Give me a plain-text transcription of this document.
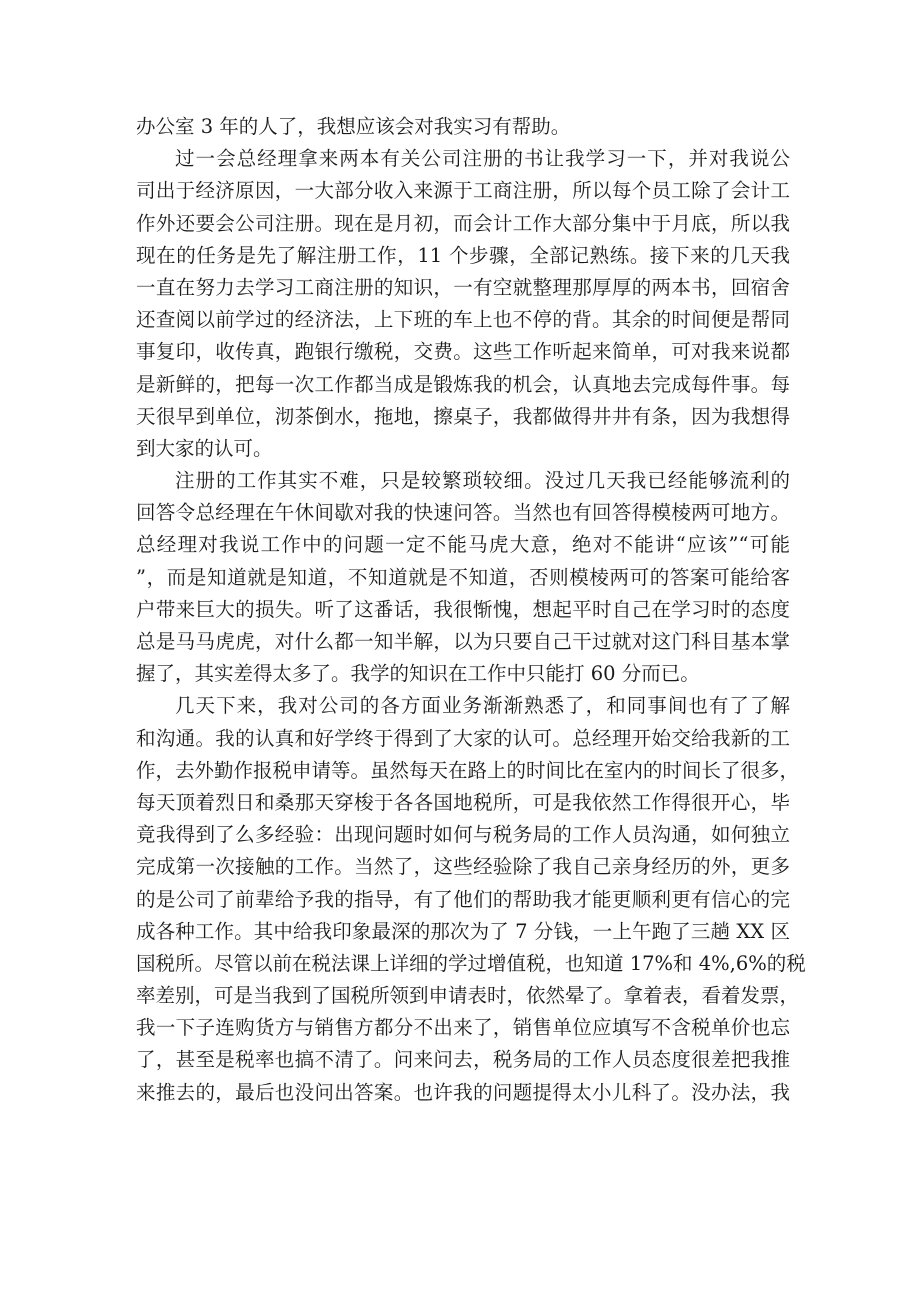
办公室 3 年的人了，我想应该会对我实习有帮助。
过一会总经理拿来两本有关公司注册的书让我学习一下，并对我说公
司出于经济原因，一大部分收入来源于工商注册，所以每个员工除了会计工
作外还要会公司注册。现在是月初，而会计工作大部分集中于月底，所以我
现在的任务是先了解注册工作，11 个步骤，全部记熟练。接下来的几天我
一直在努力去学习工商注册的知识，一有空就整理那厚厚的两本书，回宿舍
还查阅以前学过的经济法，上下班的车上也不停的背。其余的时间便是帮同
事复印，收传真，跑银行缴税，交费。这些工作听起来简单，可对我来说都
是新鲜的，把每一次工作都当成是锻炼我的机会，认真地去完成每件事。每
天很早到单位，沏茶倒水，拖地，擦桌子，我都做得井井有条，因为我想得
到大家的认可。
注册的工作其实不难，只是较繁琐较细。没过几天我已经能够流利的
回答令总经理在午休间歇对我的快速问答。当然也有回答得模棱两可地方。
总经理对我说工作中的问题一定不能马虎大意，绝对不能讲“应该”“可能
”，而是知道就是知道，不知道就是不知道，否则模棱两可的答案可能给客
户带来巨大的损失。听了这番话，我很惭愧，想起平时自己在学习时的态度
总是马马虎虎，对什么都一知半解，以为只要自己干过就对这门科目基本掌
握了，其实差得太多了。我学的知识在工作中只能打 60 分而已。
几天下来，我对公司的各方面业务渐渐熟悉了，和同事间也有了了解
和沟通。我的认真和好学终于得到了大家的认可。总经理开始交给我新的工
作，去外勤作报税申请等。虽然每天在路上的时间比在室内的时间长了很多，
每天顶着烈日和桑那天穿梭于各各国地税所，可是我依然工作得很开心，毕
竟我得到了么多经验：出现问题时如何与税务局的工作人员沟通，如何独立
完成第一次接触的工作。当然了，这些经验除了我自己亲身经历的外，更多
的是公司了前辈给予我的指导，有了他们的帮助我才能更顺利更有信心的完
成各种工作。其中给我印象最深的那次为了 7 分钱，一上午跑了三趟 XX 区
国税所。尽管以前在税法课上详细的学过增值税，也知道 17%和 4%,6%的税
率差别，可是当我到了国税所领到申请表时，依然晕了。拿着表，看着发票，
我一下子连购货方与销售方都分不出来了，销售单位应填写不含税单价也忘
了，甚至是税率也搞不清了。问来问去，税务局的工作人员态度很差把我推
来推去的，最后也没问出答案。也许我的问题提得太小儿科了。没办法，我
